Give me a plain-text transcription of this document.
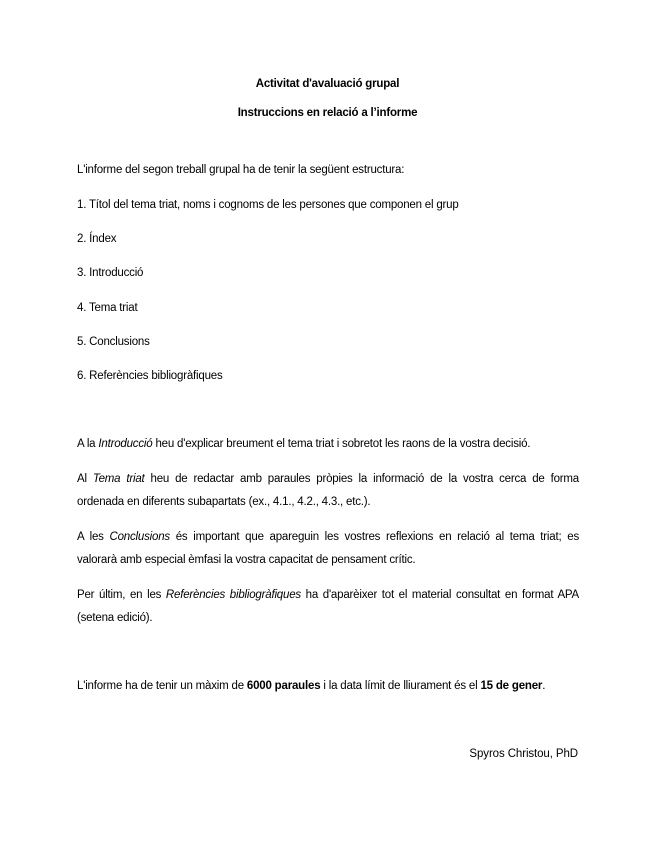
Activitat d'avaluació grupal
Instruccions en relació a l’informe
L'informe del segon treball grupal ha de tenir la següent estructura:
1. Títol del tema triat, noms i cognoms de les persones que componen el grup
2. Índex
3. Introducció
4. Tema triat
5. Conclusions
6. Referències bibliogràfiques
A la Introducció heu d'explicar breument el tema triat i sobretot les raons de la vostra decisió.
Al Tema triat heu de redactar amb paraules pròpies la informació de la vostra cerca de forma ordenada en diferents subapartats (ex., 4.1., 4.2., 4.3., etc.).
A les Conclusions és important que apareguin les vostres reflexions en relació al tema triat; es valorarà amb especial èmfasi la vostra capacitat de pensament crític.
Per últim, en les Referències bibliogràfiques ha d'aparèixer tot el material consultat en format APA (setena edició).
L'informe ha de tenir un màxim de 6000 paraules i la data límit de lliurament és el 15 de gener.
Spyros Christou, PhD
